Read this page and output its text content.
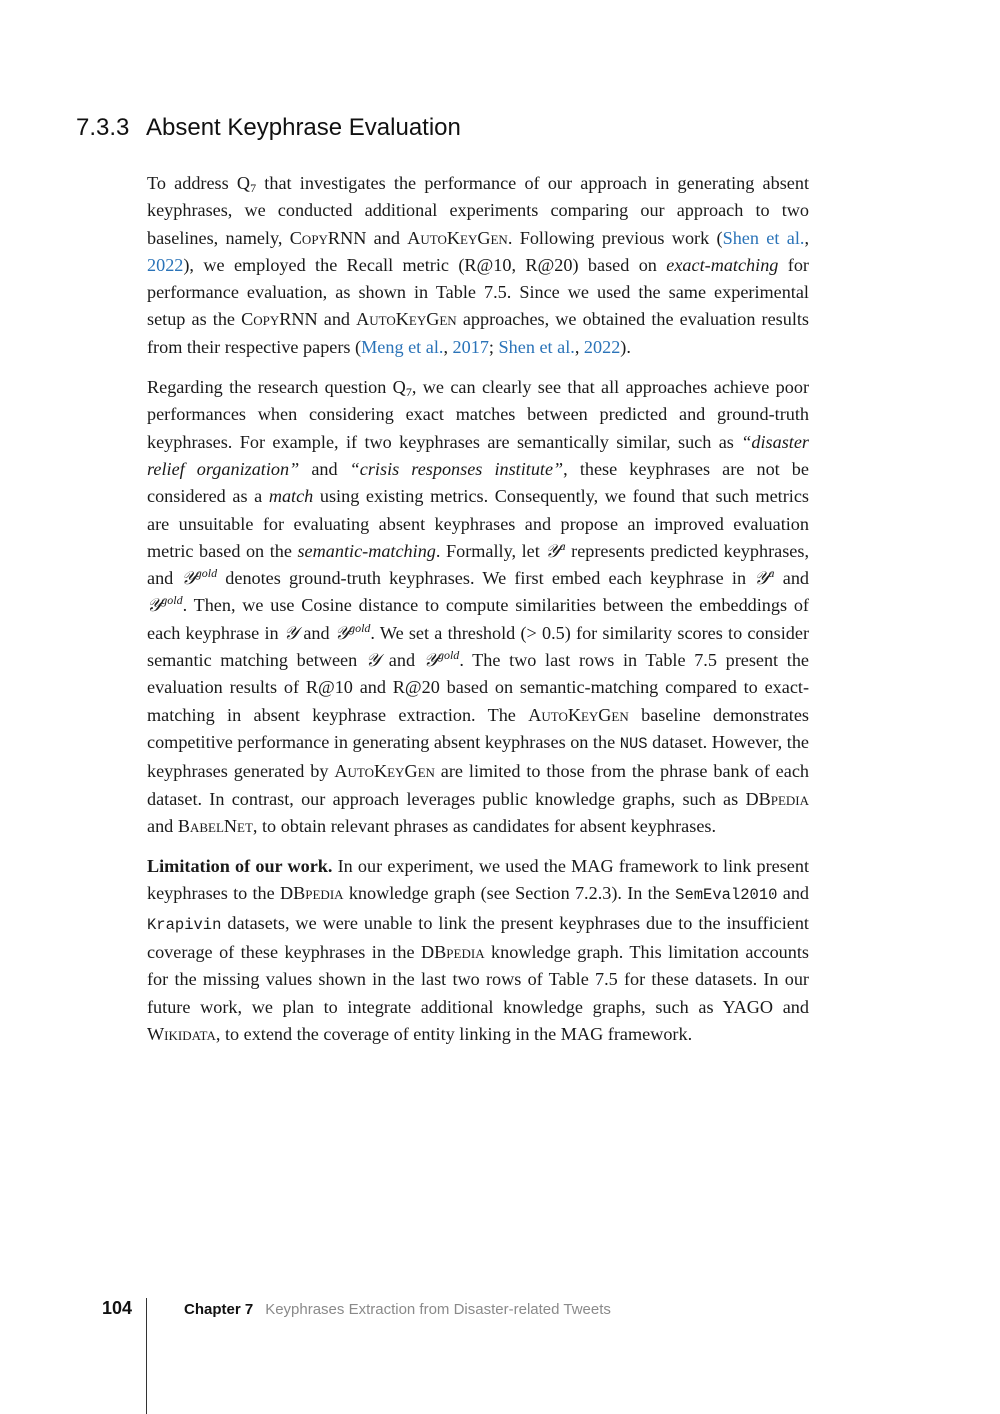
7.3.3 Absent Keyphrase Evaluation

To address $Q_7$ that investigates the performance of our approach in generating absent keyphrases, we conducted additional experiments comparing our approach to two baselines, namely, CopyRNN and AutoKeyGen. Following previous work (Shen et al., 2022), we employed the Recall metric (R@10, R@20) based on exact-matching for performance evaluation, as shown in Table 7.5. Since we used the same experimental setup as the CopyRNN and AutoKeyGen approaches, we obtained the evaluation results from their respective papers (Meng et al., 2017; Shen et al., 2022).

Regarding the research question $Q_7$, we can clearly see that all approaches achieve poor performances when considering exact matches between predicted and ground-truth keyphrases. For example, if two keyphrases are semantically similar, such as “disaster relief organization” and “crisis responses institute”, these keyphrases are not be considered as a match using existing metrics. Consequently, we found that such metrics are unsuitable for evaluating absent keyphrases and propose an improved evaluation metric based on the semantic-matching. Formally, let 𝒴$^a$ represents predicted keyphrases, and 𝒴$^{gold}$ denotes ground-truth keyphrases. We first embed each keyphrase in 𝒴$^a$ and 𝒴$^{gold}$. Then, we use Cosine distance to compute similarities between the embeddings of each keyphrase in 𝒴 and 𝒴$^{gold}$. We set a threshold (> 0.5) for similarity scores to consider semantic matching between 𝒴 and 𝒴$^{gold}$. The two last rows in Table 7.5 present the evaluation results of R@10 and R@20 based on semantic-matching compared to exact-matching in absent keyphrase extraction. The AutoKeyGen baseline demonstrates competitive performance in generating absent keyphrases on the NUS dataset. However, the keyphrases generated by AutoKeyGen are limited to those from the phrase bank of each dataset. In contrast, our approach leverages public knowledge graphs, such as DBpedia and BabelNet, to obtain relevant phrases as candidates for absent keyphrases.

Limitation of our work. In our experiment, we used the MAG framework to link present keyphrases to the DBpedia knowledge graph (see Section 7.2.3). In the SemEval2010 and Krapivin datasets, we were unable to link the present keyphrases due to the insufficient coverage of these keyphrases in the DBpedia knowledge graph. This limitation accounts for the missing values shown in the last two rows of Table 7.5 for these datasets. In our future work, we plan to integrate additional knowledge graphs, such as YAGO and Wikidata, to extend the coverage of entity linking in the MAG framework.

104	Chapter 7 Keyphrases Extraction from Disaster-related Tweets
